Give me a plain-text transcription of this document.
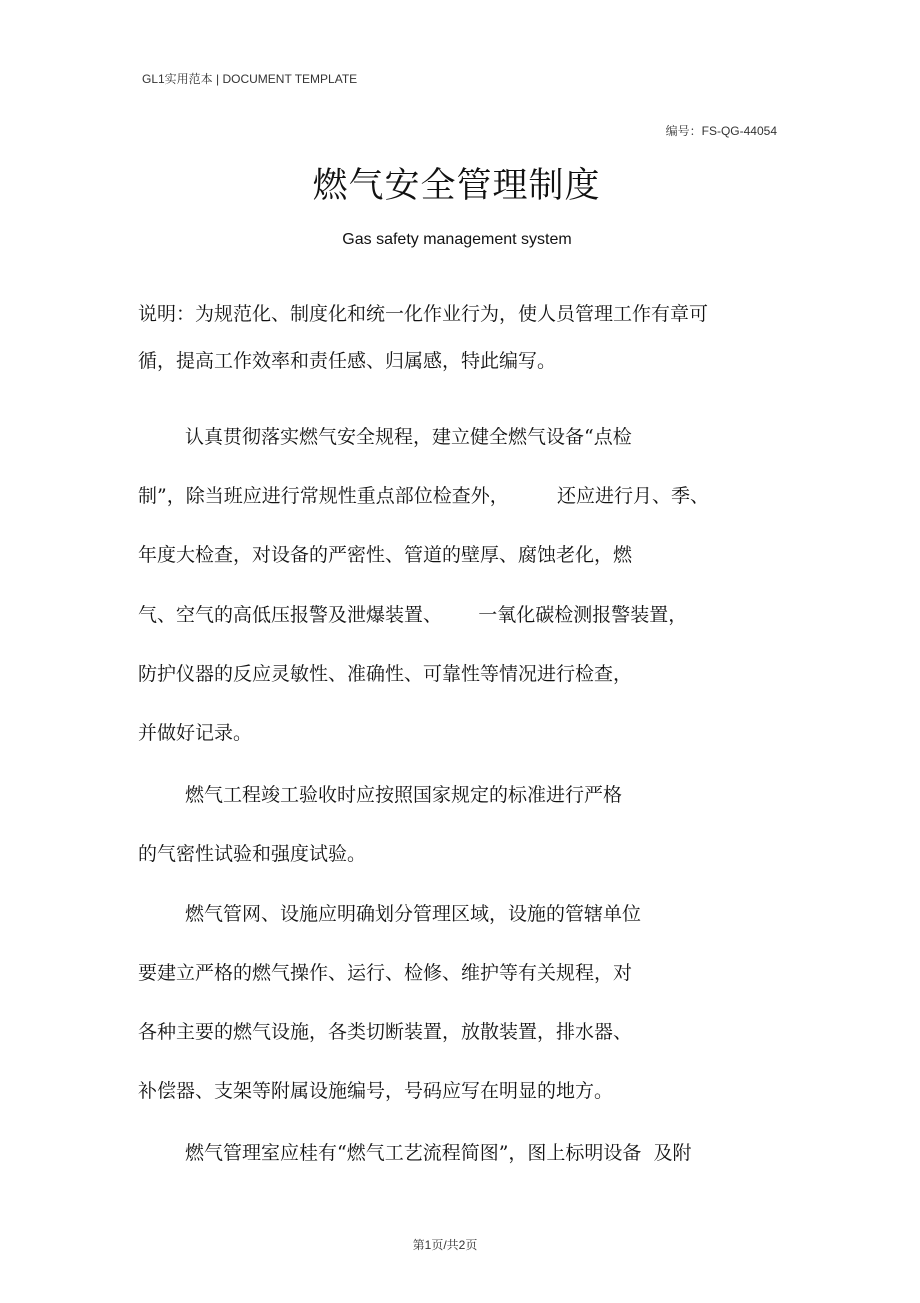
GL1实用范本 | DOCUMENT TEMPLATE
编号：FS-QG-44054
燃气安全管理制度
Gas safety management system
说明：为规范化、制度化和统一化作业行为，使人员管理工作有章可
循，提高工作效率和责任感、归属感，特此编写。
认真贯彻落实燃气安全规程，建立健全燃气设备“点检
制”，除当班应进行常规性重点部位检查外，        还应进行月、季、
年度大检查，对设备的严密性、管道的壁厚、腐蚀老化，燃
气、空气的高低压报警及泄爆装置、      一氧化碳检测报警装置，
防护仪器的反应灵敏性、准确性、可靠性等情况进行检查，
并做好记录。
燃气工程竣工验收时应按照国家规定的标准进行严格
的气密性试验和强度试验。
燃气管网、设施应明确划分管理区域，设施的管辖单位
要建立严格的燃气操作、运行、检修、维护等有关规程，对
各种主要的燃气设施，各类切断装置，放散装置，排水器、
补偿器、支架等附属设施编号，号码应写在明显的地方。
燃气管理室应桂有“燃气工艺流程简图”，图上标明设备  及附
第1页/共2页
